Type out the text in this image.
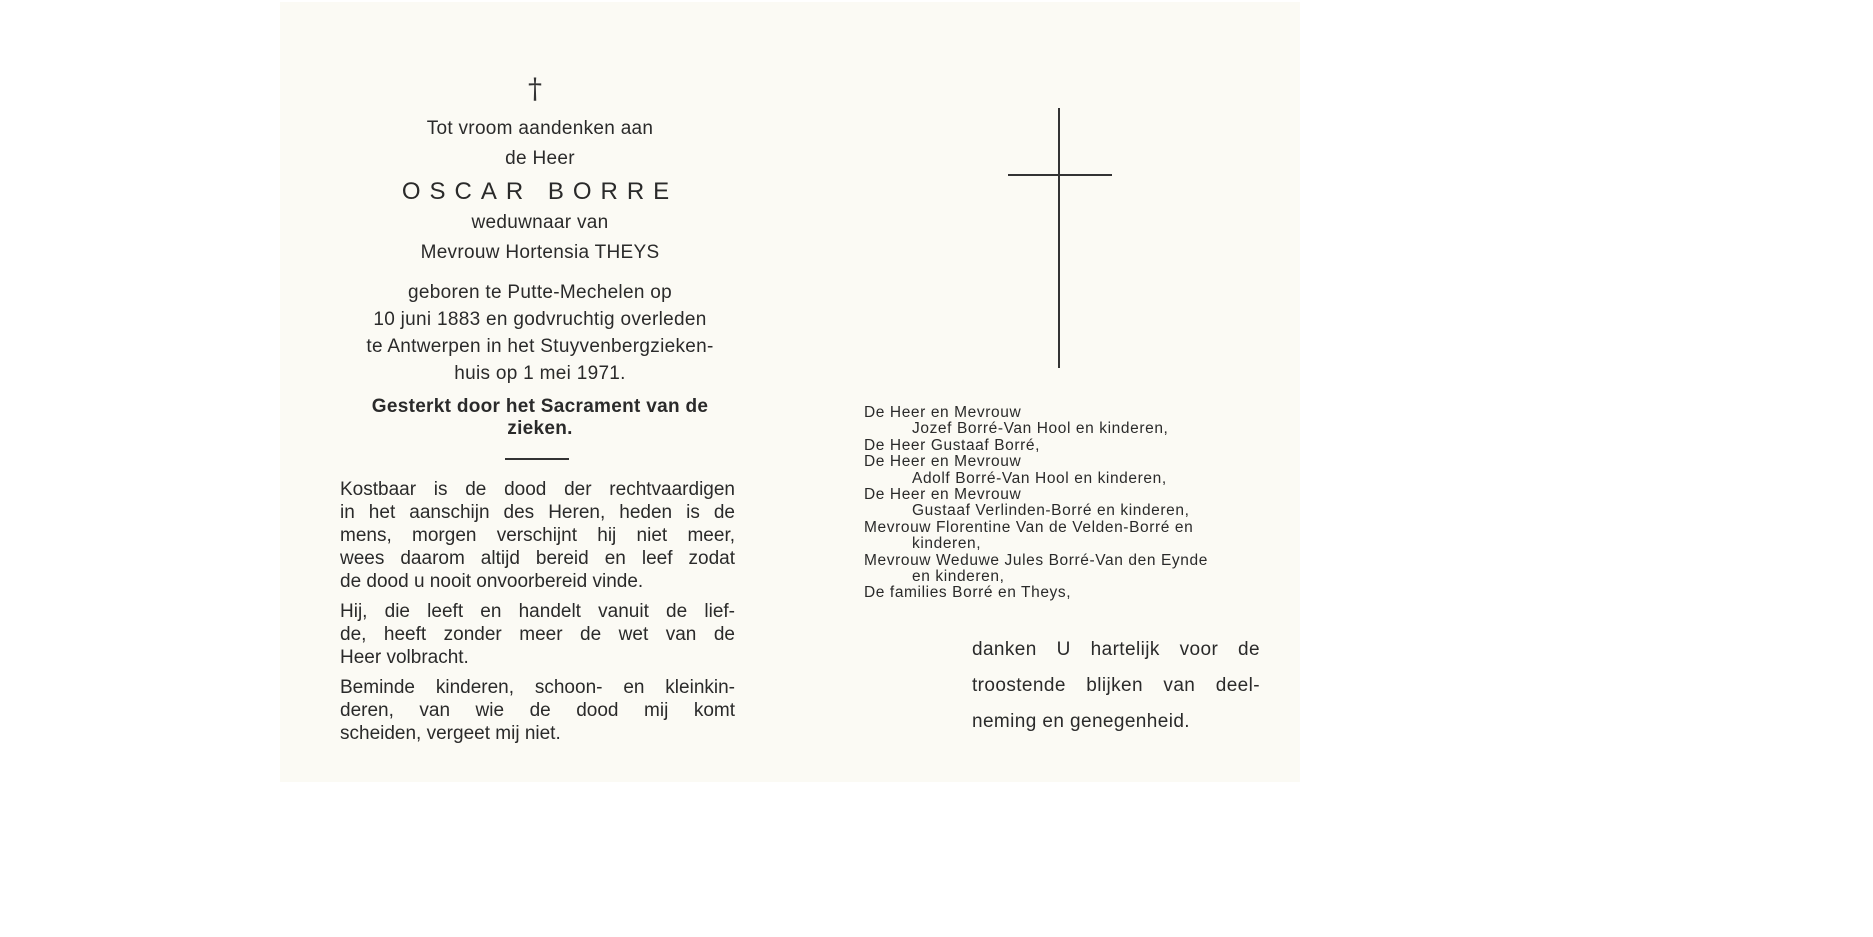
†
Tot vroom aandenken aan
de Heer
OSCAR BORRE
weduwnaar van
Mevrouw Hortensia THEYS
geboren te Putte-Mechelen op
10 juni 1883 en godvruchtig overleden
te Antwerpen in het Stuyvenbergzieken-
huis op 1 mei 1971.
Gesterkt door het Sacrament van de
zieken.
Kostbaar is de dood der rechtvaardigen
in het aanschijn des Heren, heden is de
mens, morgen verschijnt hij niet meer,
wees daarom altijd bereid en leef zodat
de dood u nooit onvoorbereid vinde.
Hij, die leeft en handelt vanuit de lief-
de, heeft zonder meer de wet van de
Heer volbracht.
Beminde kinderen, schoon- en kleinkin-
deren, van wie de dood mij komt
scheiden, vergeet mij niet.
De Heer en Mevrouw
Jozef Borré-Van Hool en kinderen,
De Heer Gustaaf Borré,
De Heer en Mevrouw
Adolf Borré-Van Hool en kinderen,
De Heer en Mevrouw
Gustaaf Verlinden-Borré en kinderen,
Mevrouw Florentine Van de Velden-Borré en
kinderen,
Mevrouw Weduwe Jules Borré-Van den Eynde
en kinderen,
De families Borré en Theys,
danken U hartelijk voor de
troostende blijken van deel-
neming en genegenheid.
